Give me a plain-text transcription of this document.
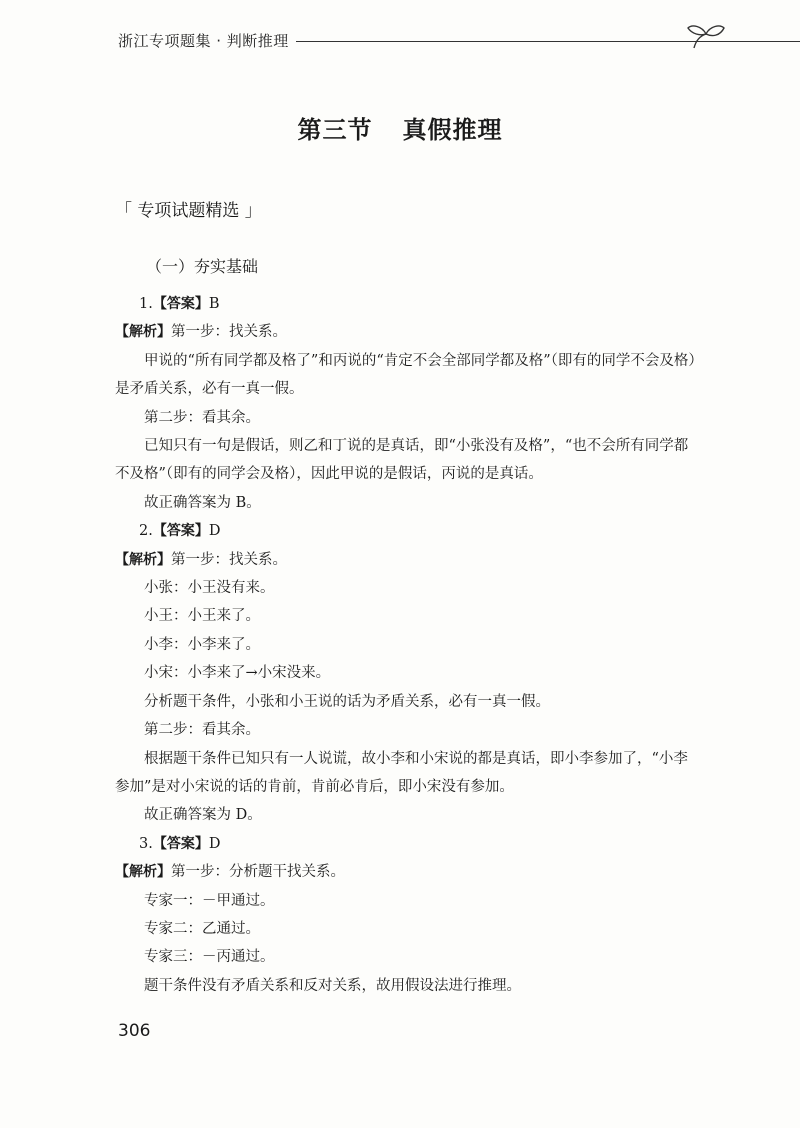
浙江专项题集 · 判断推理
第三节 真假推理
「 专项试题精选 」
（一）夯实基础

1.【答案】B

【解析】第一步：找关系。

甲说的“所有同学都及格了”和丙说的“肯定不会全部同学都及格”（即有的同学不会及格）是矛盾关系，必有一真一假。

第二步：看其余。

已知只有一句是假话，则乙和丁说的是真话，即“小张没有及格”，“也不会所有同学都不及格”（即有的同学会及格），因此甲说的是假话，丙说的是真话。

故正确答案为 B。

2.【答案】D

【解析】第一步：找关系。

小张：小王没有来。

小王：小王来了。

小李：小李来了。

小宋：小李来了→小宋没来。

分析题干条件，小张和小王说的话为矛盾关系，必有一真一假。

第二步：看其余。

根据题干条件已知只有一人说谎，故小李和小宋说的都是真话，即小李参加了，“小李参加”是对小宋说的话的肯前，肯前必肯后，即小宋没有参加。

故正确答案为 D。

3.【答案】D

【解析】第一步：分析题干找关系。

专家一：－甲通过。

专家二：乙通过。

专家三：－丙通过。

题干条件没有矛盾关系和反对关系，故用假设法进行推理。

306
